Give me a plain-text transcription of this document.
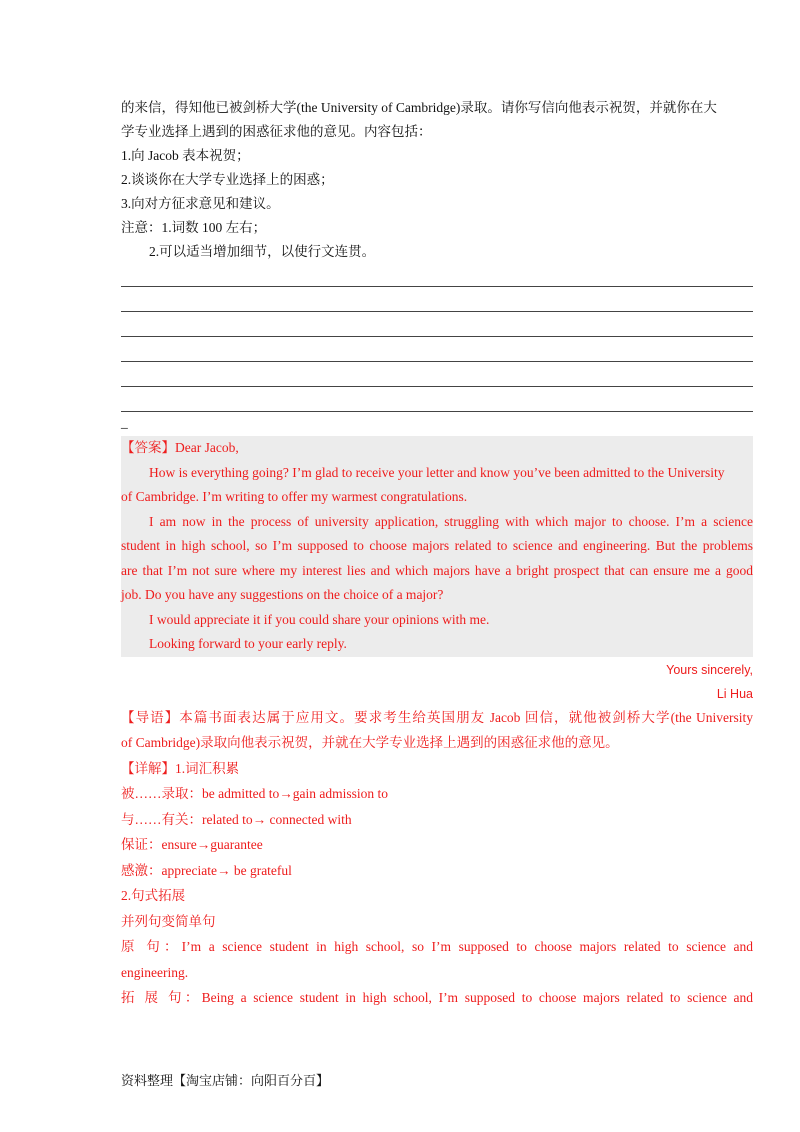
的来信，得知他已被剑桥大学(the University of Cambridge)录取。请你写信向他表示祝贺，并就你在大

学专业选择上遇到的困惑征求他的意见。内容包括：

1.向 Jacob 表本祝贺；

2.谈谈你在大学专业选择上的困惑；

3.向对方征求意见和建议。

注意：1.词数 100 左右；

2.可以适当增加细节，以使行文连贯。

_

【答案】Dear Jacob,

How is everything going? I’m glad to receive your letter and know you’ve been admitted to the University

of Cambridge. I’m writing to offer my warmest congratulations.

I am now in the process of university application, struggling with which major to choose. I’m a science

student in high school, so I’m supposed to choose majors related to science and engineering. But the problems

are that I’m not sure where my interest lies and which majors have a bright prospect that can ensure me a good

job. Do you have any suggestions on the choice of a major?

I would appreciate it if you could share your opinions with me.

Looking forward to your early reply.

Yours sincerely,
Li Hua

【导语】本篇书面表达属于应用文。要求考生给英国朋友 Jacob 回信，就他被剑桥大学(the University

of Cambridge)录取向他表示祝贺，并就在大学专业选择上遇到的困惑征求他的意见。

【详解】1.词汇积累

被……录取：be admitted to→gain admission to

与……有关：related to→ connected with

保证：ensure→guarantee

感激：appreciate→ be grateful

2.句式拓展

并列句变简单句

原 句：I’m a science student in high school, so I’m supposed to choose majors related to science and

engineering.

拓 展 句：Being a science student in high school, I’m supposed to choose majors related to science and

资料整理【淘宝店铺：向阳百分百】
